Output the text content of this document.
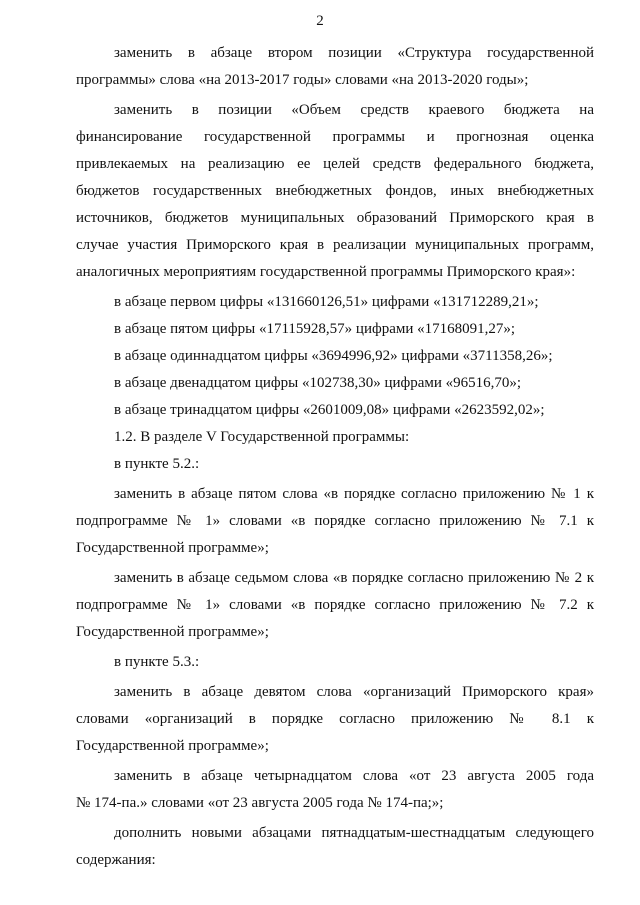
2
заменить в абзаце втором позиции «Структура государственной
программы» слова «на 2013-2017 годы» словами «на 2013-2020 годы»;
заменить в позиции «Объем средств краевого бюджета на
финансирование государственной программы и прогнозная оценка
привлекаемых на реализацию ее целей средств федерального бюджета,
бюджетов государственных внебюджетных фондов, иных внебюджетных
источников, бюджетов муниципальных образований Приморского края в
случае участия Приморского края в реализации муниципальных программ,
аналогичных мероприятиям государственной программы Приморского края»:
в абзаце первом цифры «131660126,51» цифрами «131712289,21»;
в абзаце пятом цифры «17115928,57» цифрами «17168091,27»;
в абзаце одиннадцатом цифры «3694996,92» цифрами «3711358,26»;
в абзаце двенадцатом цифры «102738,30» цифрами «96516,70»;
в абзаце тринадцатом цифры «2601009,08» цифрами «2623592,02»;
1.2. В разделе V Государственной программы:
в пункте 5.2.:
заменить в абзаце пятом слова «в порядке согласно приложению № 1 к
подпрограмме № 1» словами «в порядке согласно приложению № 7.1 к
Государственной программе»;
заменить в абзаце седьмом слова «в порядке согласно приложению № 2 к
подпрограмме № 1» словами «в порядке согласно приложению № 7.2 к
Государственной программе»;
в пункте 5.3.:
заменить в абзаце девятом слова «организаций Приморского края»
словами «организаций в порядке согласно приложению № 8.1 к
Государственной программе»;
заменить в абзаце четырнадцатом слова «от 23 августа 2005 года
№ 174-па.» словами «от 23 августа 2005 года № 174-па;»;
дополнить новыми абзацами пятнадцатым-шестнадцатым следующего
содержания:
